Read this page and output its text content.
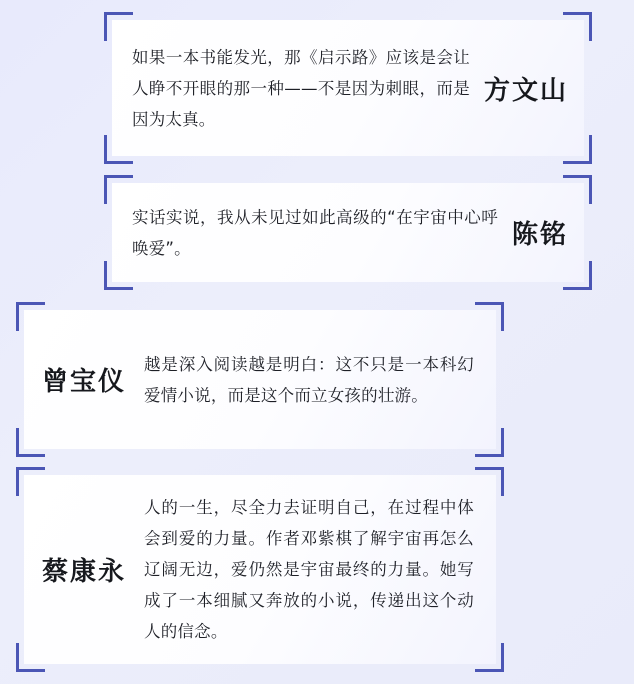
如果一本书能发光，那《启示路》应该是会让人睁不开眼的那一种——不是因为刺眼，而是因为太真。
方文山
实话实说，我从未见过如此高级的“在宇宙中心呼唤爱”。	陈铭
曾宝仪
越是深入阅读越是明白：这不只是一本科幻爱情小说，而是这个而立女孩的壮游。
蔡康永
人的一生，尽全力去证明自己，在过程中体会到爱的力量。作者邓紫棋了解宇宙再怎么辽阔无边，爱仍然是宇宙最终的力量。她写成了一本细腻又奔放的小说，传递出这个动人的信念。
